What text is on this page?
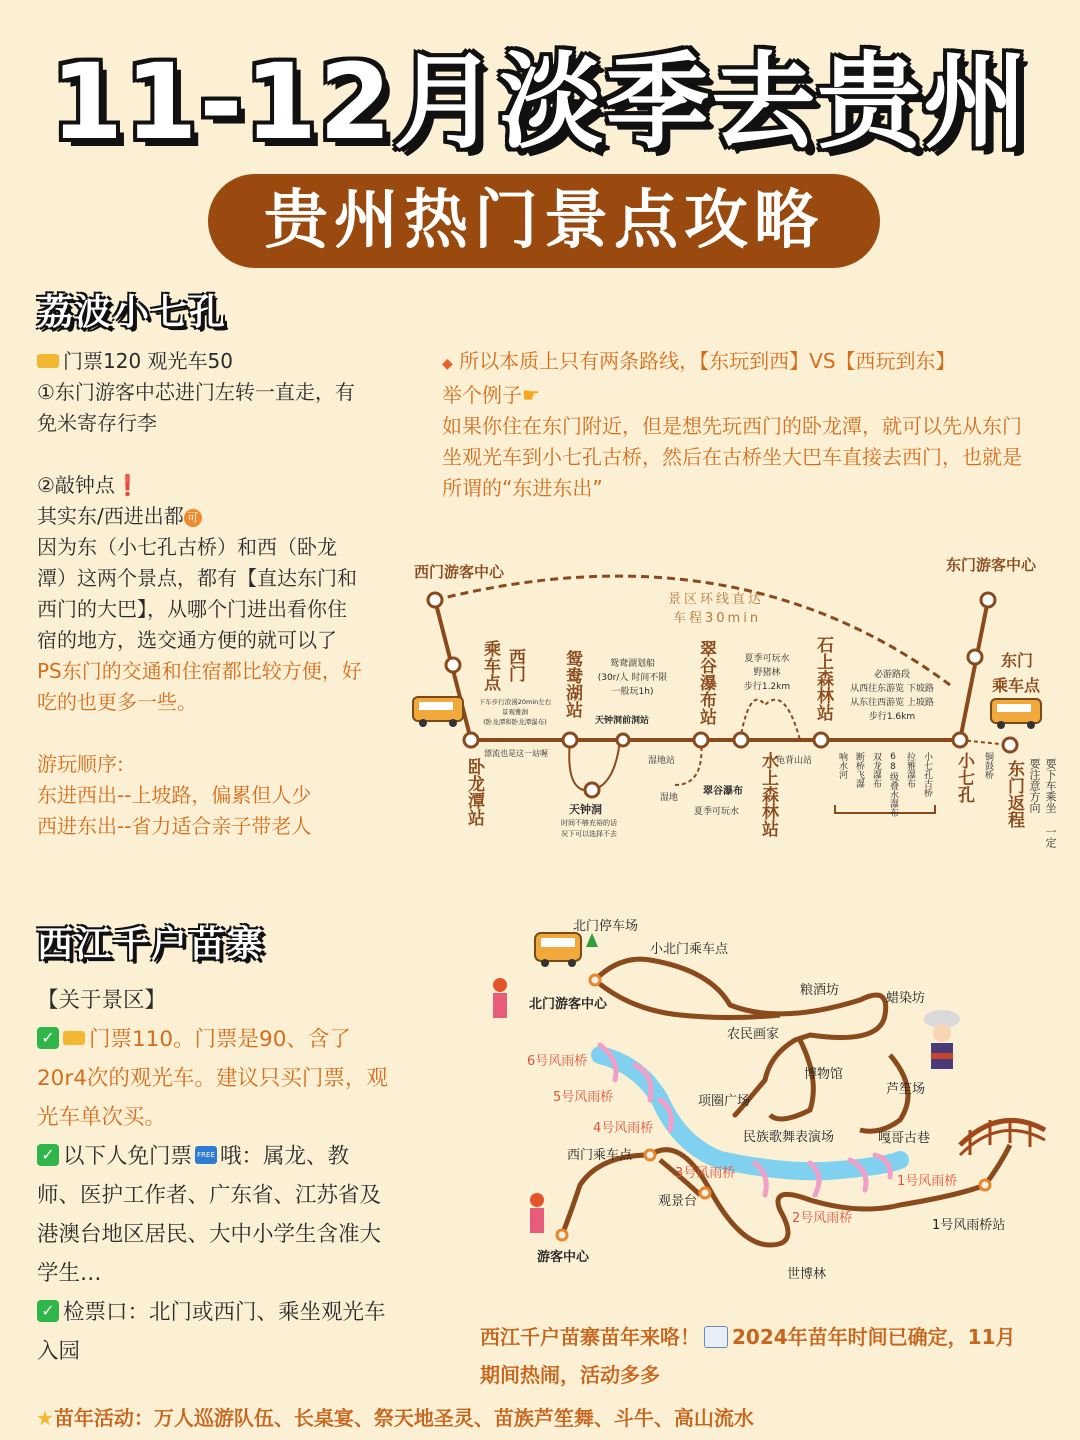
11-12月淡季去贵州
贵州热门景点攻略
荔波小七孔
门票120 观光车50
①东门游客中芯进门左转一直走，有
免米寄存行李
②敲钟点❗
其实东/西进出都 可
因为东（小七孔古桥）和西（卧龙
潭）这两个景点，都有【直达东门和
西门的大巴】，从哪个门进出看你住
宿的地方，选交通方便的就可以了
PS东门的交通和住宿都比较方便，好
吃的也更多一些。
游玩顺序:
东进西出--上坡路，偏累但人少
西进东出--省力适合亲子带老人
◆ 所以本质上只有两条路线，【东玩到西】VS【西玩到东】
举个例子☛
如果你住在东门附近，但是想先玩西门的卧龙潭，就可以先从东门
坐观光车到小七孔古桥，然后在古桥坐大巴车直接去西门，也就是
所谓的“东进东出”
西门游客中心	东门游客中心
景区环线直达
车程30min
西门
乘车点
卧龙潭站
鸳鸯湖站	鸳鸯湖划船
(30r/人 时间不限
一般玩1h)	翠谷瀑布站	夏季可玩水
野猪林
步行1.2km	石上森林站	必游路段
从西往东游览 下坡路
从东往西游览 上坡路
步行1.6km
东门
乘车点
小七孔
水上森林站	东门返程	要下车乘坐 一定要注意方向
下车步行浪漫20min左右
景观雅涧
(卧龙潭和卧龙潭瀑布)
漂流也是这一站喔
天钟洞前洞站
湿地站
湿地
龟背山站
翠谷瀑布
夏季可玩水
天钟洞
时间不够充裕的话
况下可以选择不去
响水河 断桥飞瀑 双龙瀑布 68级叠水瀑布 拉雅瀑布 小七孔古桥	铜鼓桥
西江千户苗寨
【关于景区】
✓ 门票110。门票是90、含了
20r4次的观光车。建议只买门票，观
光车单次买。
✓ 以下人免门票 FREE 哦：属龙、教
师、医护工作者、广东省、江苏省及
港澳台地区居民、大中小学生含准大
学生…
✓ 检票口：北门或西门、乘坐观光车
入园
北门停车场
小北门乘车点
北门游客中心
粮酒坊
蜡染坊
农民画家
博物馆
芦笙场
项圈广场
民族歌舞表演场	嘎哥古巷
6号风雨桥
5号风雨桥
4号风雨桥
3号风雨桥
2号风雨桥
1号风雨桥
1号风雨桥站
西门乘车点
观景台
游客中心
世博林
西江千户苗寨苗年来咯！ 2024年苗年时间已确定，11月
期间热闹，活动多多
★苗年活动：万人巡游队伍、长桌宴、祭天地圣灵、苗族芦笙舞、斗牛、高山流水
